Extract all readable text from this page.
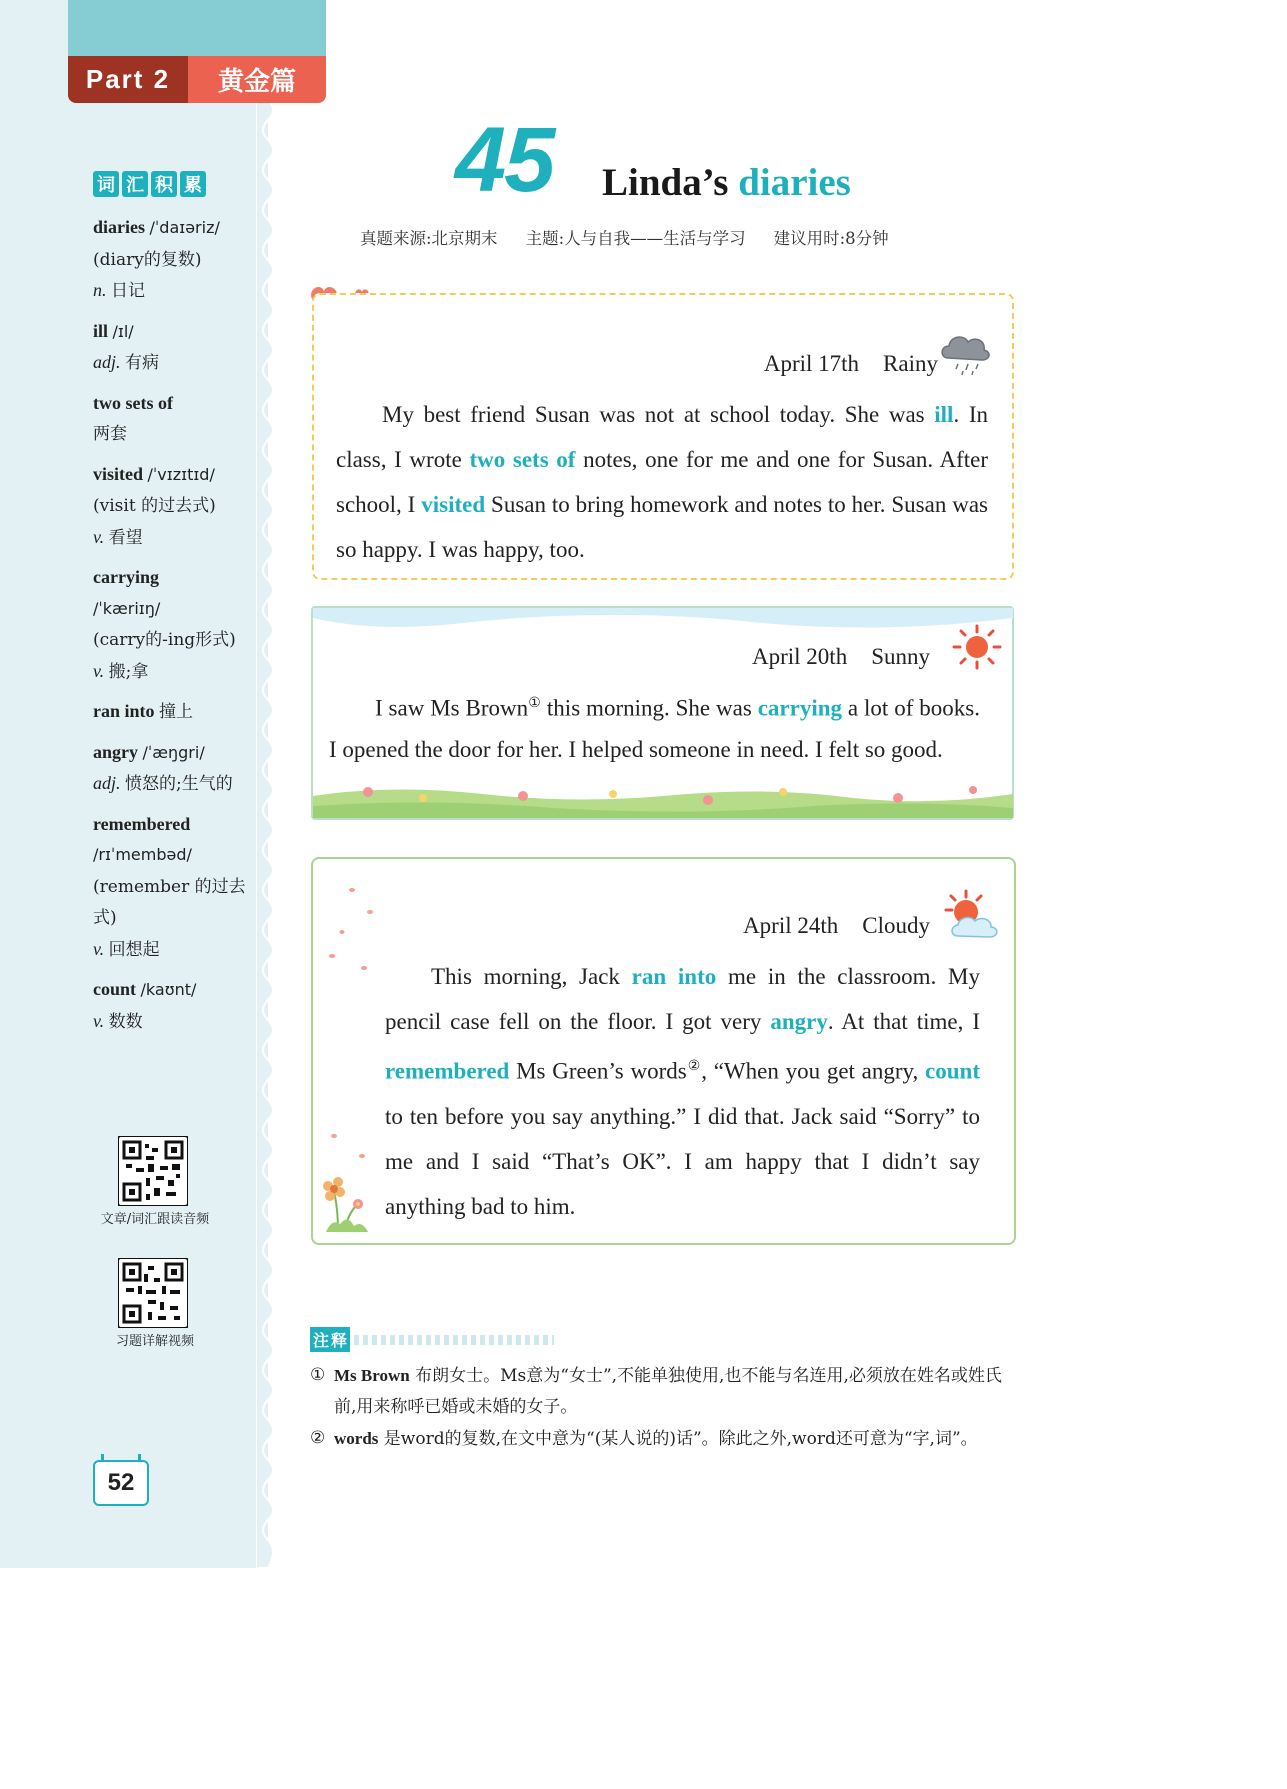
Part 2	黄金篇
词 汇 积 累
diaries /ˈdaɪəriz/
(diary的复数)
n. 日记
ill /ɪl/
adj. 有病
two sets of
两套
visited /ˈvɪzɪtɪd/
(visit 的过去式)
v. 看望
carrying
/ˈkæriɪŋ/
(carry的-ing形式)
v. 搬;拿
ran into 撞上
angry /ˈæŋgri/
adj. 愤怒的;生气的
remembered
/rɪˈmembəd/
(remember 的过去式)
v. 回想起
count /kaʊnt/
v. 数数
文章/词汇跟读音频
习题详解视频
52
45 Linda’s diaries
真题来源:北京期末 主题:人与自我——生活与学习 建议用时:8分钟
April 17th Rainy

My best friend Susan was not at school today. She was ill. In class, I wrote two sets of notes, one for me and one for Susan. After school, I visited Susan to bring homework and notes to her. Susan was so happy. I was happy, too.

April 20th Sunny

I saw Ms Brown① this morning. She was carrying a lot of books. I opened the door for her. I helped someone in need. I felt so good.

April 24th Cloudy

This morning, Jack ran into me in the classroom. My pencil case fell on the floor. I got very angry. At that time, I remembered Ms Green’s words②, “When you get angry, count to ten before you say anything.” I did that. Jack said “Sorry” to me and I said “That’s OK”. I am happy that I didn’t say anything bad to him.

注 释
① Ms Brown 布朗女士。Ms意为“女士”,不能单独使用,也不能与名连用,必须放在姓名或姓氏前,用来称呼已婚或未婚的女子。
② words 是word的复数,在文中意为“(某人说的)话”。除此之外,word还可意为“字,词”。
